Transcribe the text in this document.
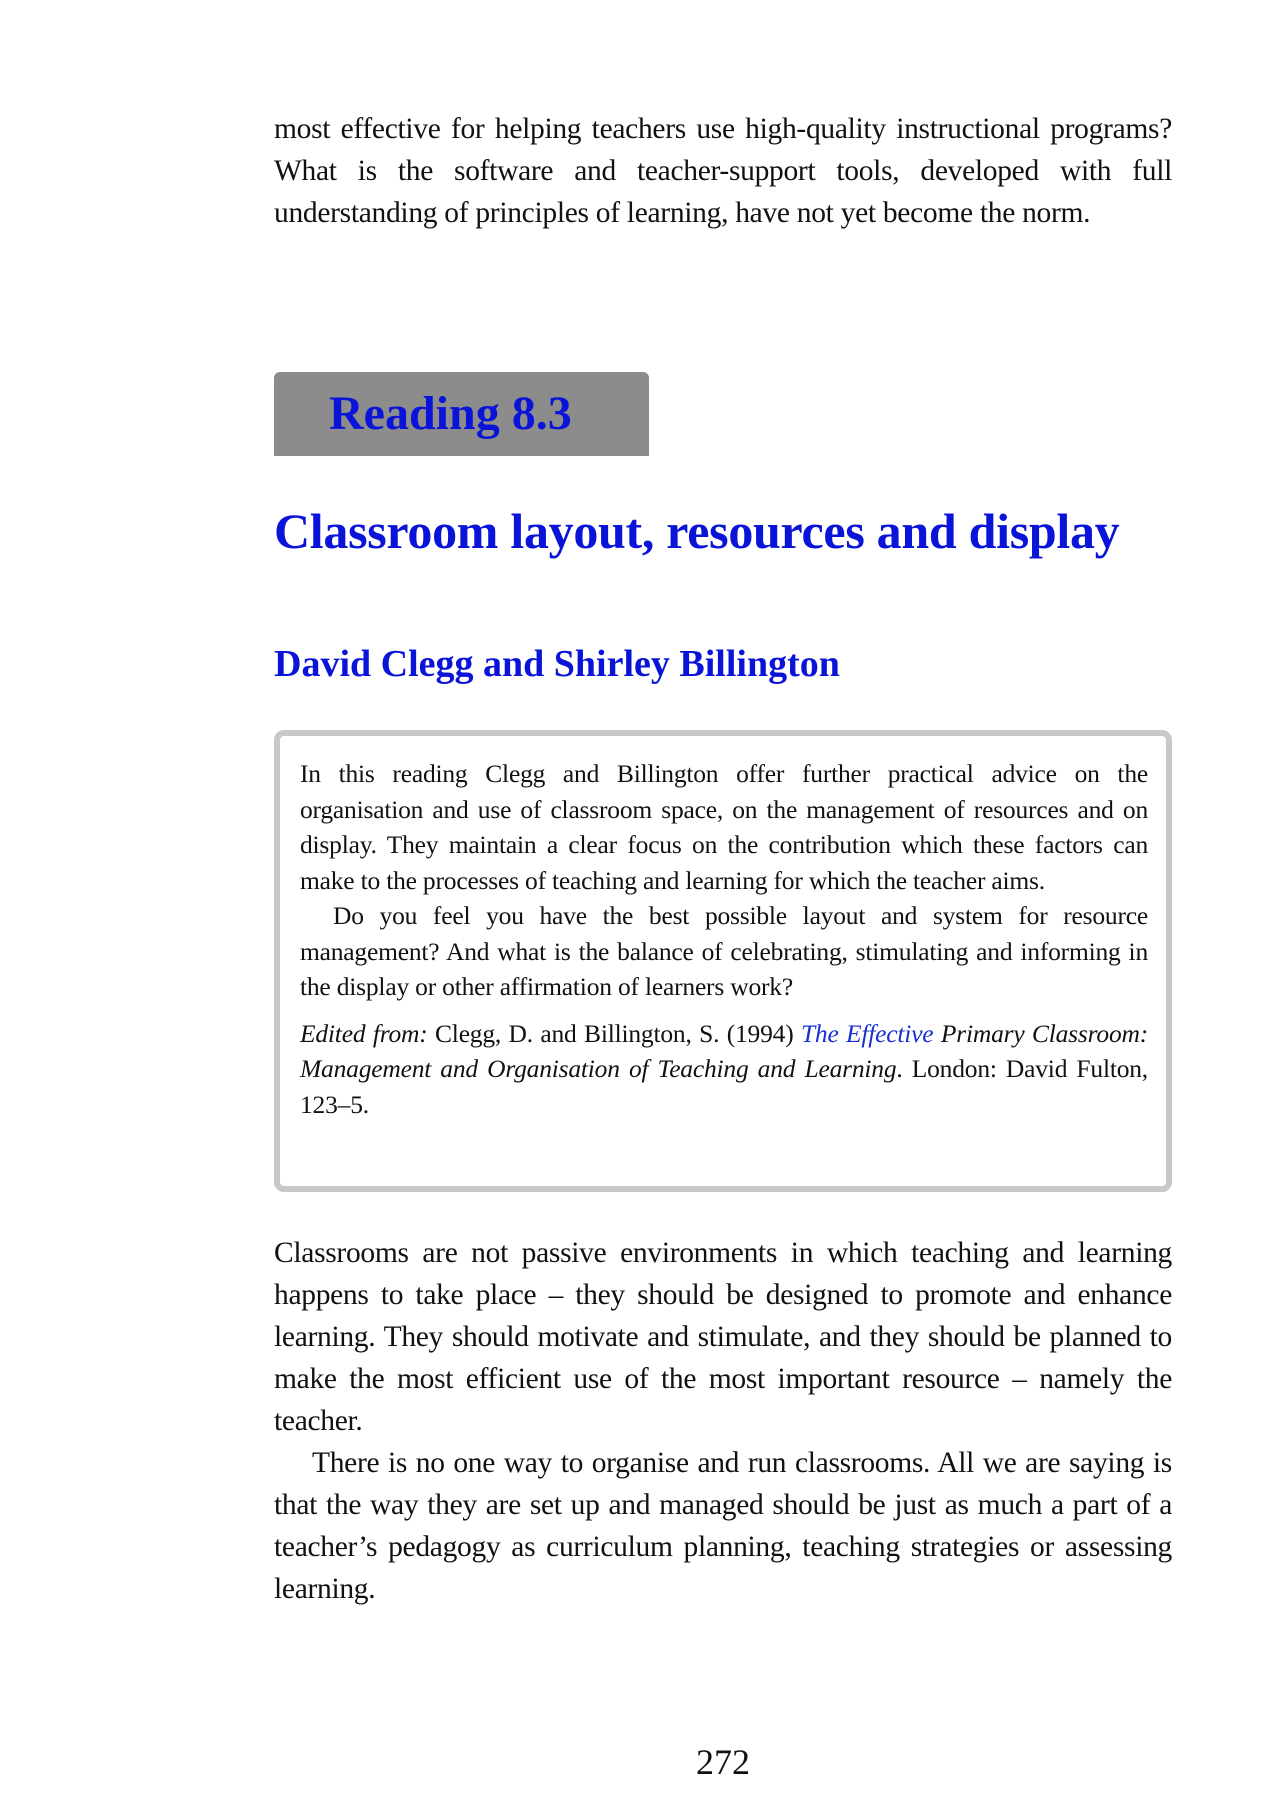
most effective for helping teachers use high-quality instructional programs? What is the software and teacher-support tools, developed with full understanding of principles of learning, have not yet become the norm.

Reading 8.3
Classroom layout, resources and display
David Clegg and Shirley Billington

In this reading Clegg and Billington offer further practical advice on the organisation and use of classroom space, on the management of resources and on display. They maintain a clear focus on the contribution which these factors can make to the processes of teaching and learning for which the teacher aims.

Do you feel you have the best possible layout and system for resource management? And what is the balance of celebrating, stimulating and informing in the display or other affirmation of learners work?

Edited from: Clegg, D. and Billington, S. (1994) The Effective Primary Classroom: Management and Organisation of Teaching and Learning. London: David Fulton, 123–5.

Classrooms are not passive environments in which teaching and learning happens to take place – they should be designed to promote and enhance learning. They should motivate and stimulate, and they should be planned to make the most efficient use of the most important resource – namely the teacher.

There is no one way to organise and run classrooms. All we are saying is that the way they are set up and managed should be just as much a part of a teacher’s pedagogy as curriculum planning, teaching strategies or assessing learning.

272
